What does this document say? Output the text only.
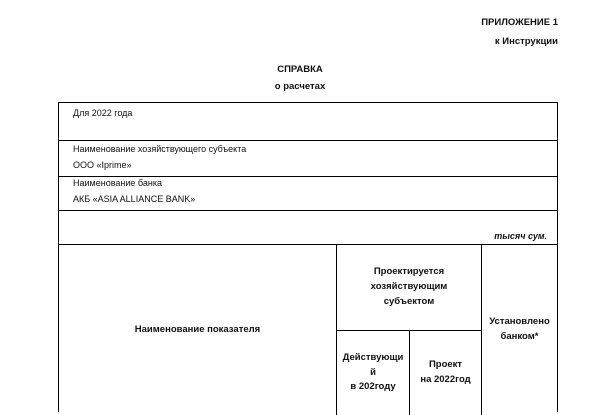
ПРИЛОЖЕНИЕ 1
к Инструкции
СПРАВКА
о расчетах
Для 2022 года
Наименование хозяйствующего субъекта
ООО «Iprime»
Наименование банка
АКБ «ASIA ALLIANCE BANK»
тысяч сум.
Наименование показателя
Проектируется
хозяйствующим
субъектом
Действующи
й
в 202году
Проект
на 2022год
Установлено
банком*
